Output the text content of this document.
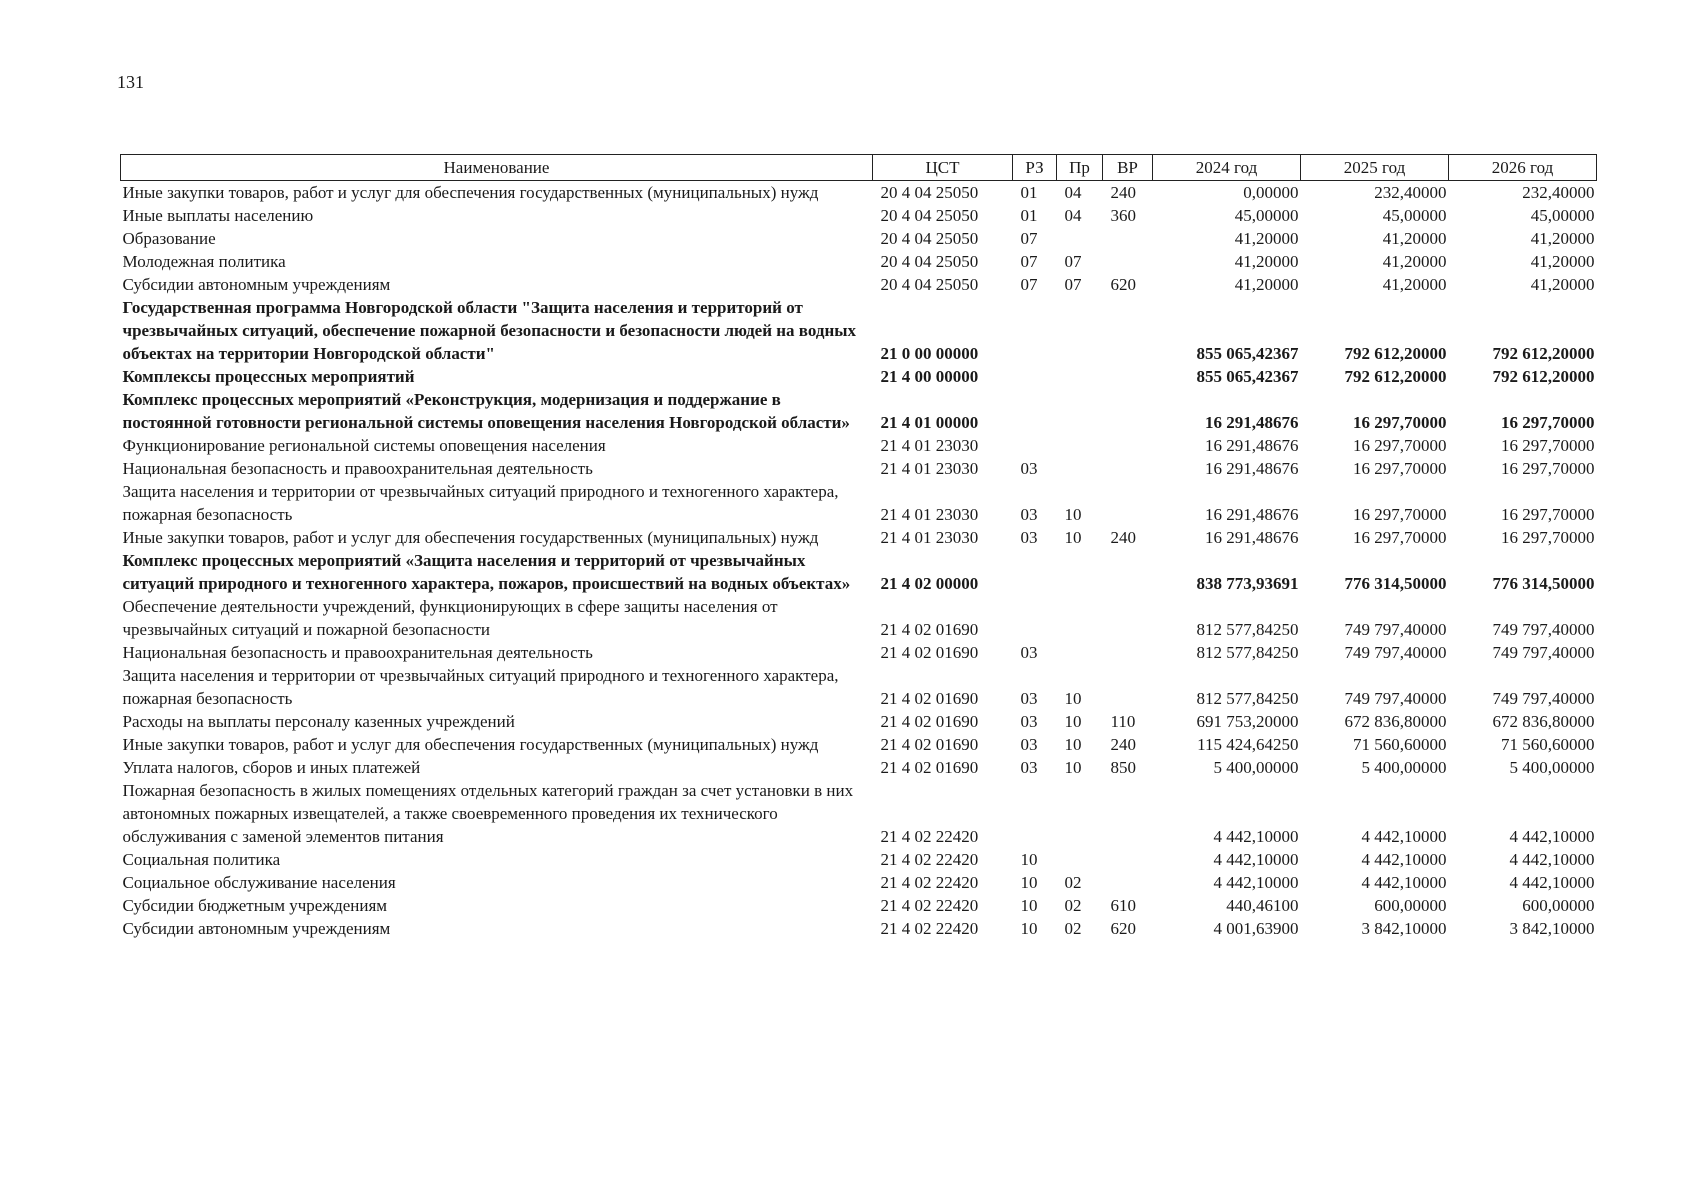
131
Наименование	ЦСТ	РЗ	Пр	ВР	2024 год	2025 год	2026 год
Иные закупки товаров, работ и услуг для обеспечения государственных (муниципальных) нужд	20 4 04 25050	01	04	240	0,00000	232,40000	232,40000
Иные выплаты населению	20 4 04 25050	01	04	360	45,00000	45,00000	45,00000
Образование	20 4 04 25050	07			41,20000	41,20000	41,20000
Молодежная политика	20 4 04 25050	07	07		41,20000	41,20000	41,20000
Субсидии автономным учреждениям	20 4 04 25050	07	07	620	41,20000	41,20000	41,20000
Государственная программа Новгородской области "Защита населения и территорий от чрезвычайных ситуаций, обеспечение пожарной безопасности и безопасности людей на водных объектах на территории Новгородской области"	21 0 00 00000				855 065,42367	792 612,20000	792 612,20000
Комплексы процессных мероприятий	21 4 00 00000				855 065,42367	792 612,20000	792 612,20000
Комплекс процессных мероприятий «Реконструкция, модернизация и поддержание в постоянной готовности региональной системы оповещения населения Новгородской области»	21 4 01 00000				16 291,48676	16 297,70000	16 297,70000
Функционирование региональной системы оповещения населения	21 4 01 23030				16 291,48676	16 297,70000	16 297,70000
Национальная безопасность и правоохранительная деятельность	21 4 01 23030	03			16 291,48676	16 297,70000	16 297,70000
Защита населения и территории от чрезвычайных ситуаций природного и техногенного характера, пожарная безопасность	21 4 01 23030	03	10		16 291,48676	16 297,70000	16 297,70000
Иные закупки товаров, работ и услуг для обеспечения государственных (муниципальных) нужд	21 4 01 23030	03	10	240	16 291,48676	16 297,70000	16 297,70000
Комплекс процессных мероприятий «Защита населения и территорий от чрезвычайных ситуаций природного и техногенного характера, пожаров, происшествий на водных объектах»	21 4 02 00000				838 773,93691	776 314,50000	776 314,50000
Обеспечение деятельности учреждений, функционирующих в сфере защиты населения от чрезвычайных ситуаций и пожарной безопасности	21 4 02 01690				812 577,84250	749 797,40000	749 797,40000
Национальная безопасность и правоохранительная деятельность	21 4 02 01690	03			812 577,84250	749 797,40000	749 797,40000
Защита населения и территории от чрезвычайных ситуаций природного и техногенного характера, пожарная безопасность	21 4 02 01690	03	10		812 577,84250	749 797,40000	749 797,40000
Расходы на выплаты персоналу казенных учреждений	21 4 02 01690	03	10	110	691 753,20000	672 836,80000	672 836,80000
Иные закупки товаров, работ и услуг для обеспечения государственных (муниципальных) нужд	21 4 02 01690	03	10	240	115 424,64250	71 560,60000	71 560,60000
Уплата налогов, сборов и иных платежей	21 4 02 01690	03	10	850	5 400,00000	5 400,00000	5 400,00000
Пожарная безопасность в жилых помещениях отдельных категорий граждан за счет установки в них автономных пожарных извещателей, а также своевременного проведения их технического обслуживания с заменой элементов питания	21 4 02 22420				4 442,10000	4 442,10000	4 442,10000
Социальная политика	21 4 02 22420	10			4 442,10000	4 442,10000	4 442,10000
Социальное обслуживание населения	21 4 02 22420	10	02		4 442,10000	4 442,10000	4 442,10000
Субсидии бюджетным учреждениям	21 4 02 22420	10	02	610	440,46100	600,00000	600,00000
Субсидии автономным учреждениям	21 4 02 22420	10	02	620	4 001,63900	3 842,10000	3 842,10000
